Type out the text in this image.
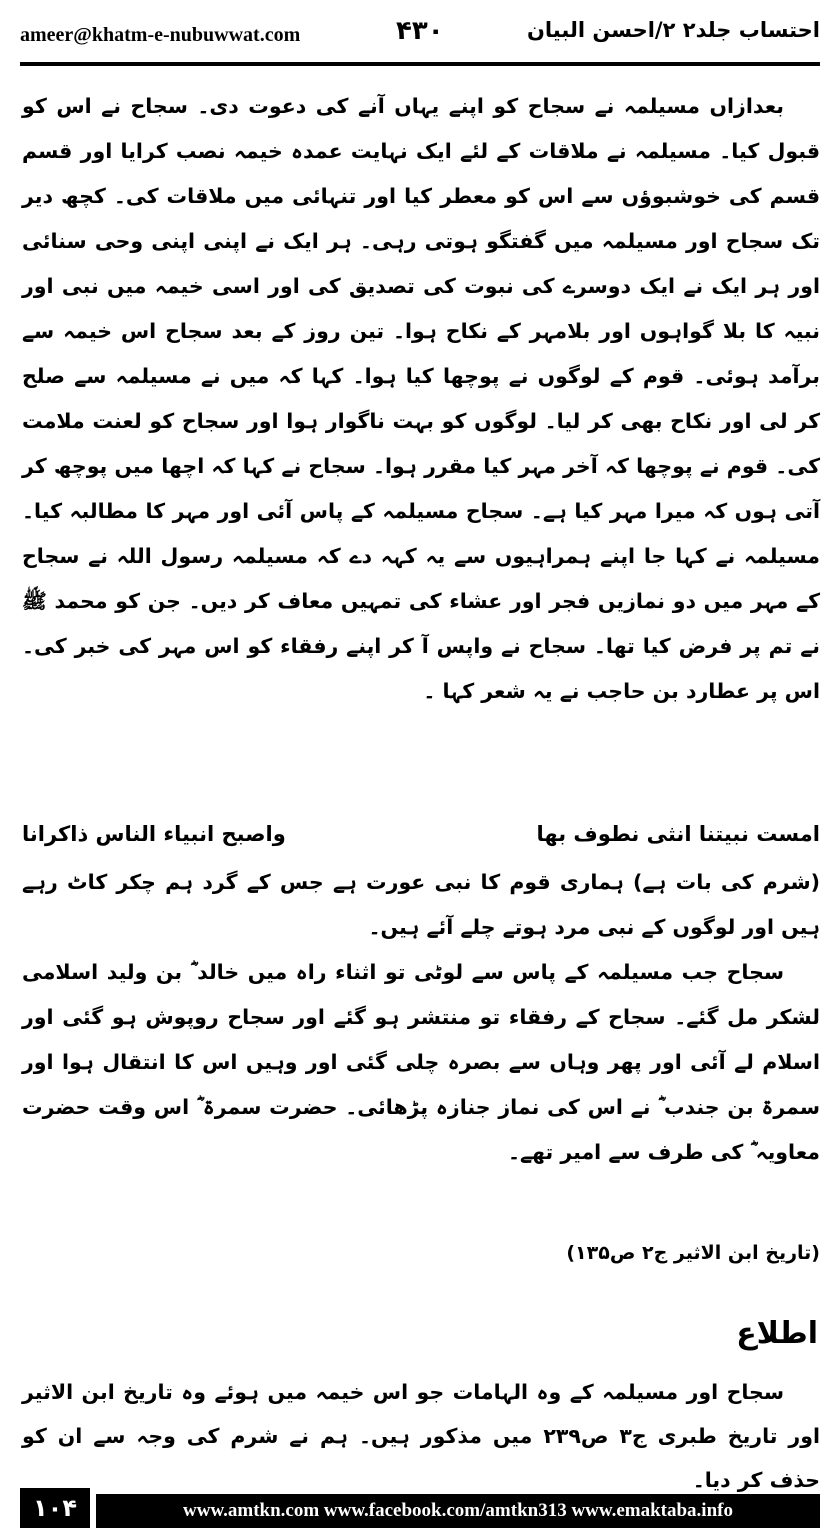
ameer@khatm-e-nubuwwat.com	۴۳۰	احتساب جلد۲ ۲/احسن البیان

بعدازاں مسیلمہ نے سجاح کو اپنے یہاں آنے کی دعوت دی۔ سجاح نے اس کو قبول کیا۔ مسیلمہ نے ملاقات کے لئے ایک نہایت عمدہ خیمہ نصب کرایا اور قسم قسم کی خوشبوؤں سے اس کو معطر کیا اور تنہائی میں ملاقات کی۔ کچھ دیر تک سجاح اور مسیلمہ میں گفتگو ہوتی رہی۔ ہر ایک نے اپنی اپنی وحی سنائی اور ہر ایک نے ایک دوسرے کی نبوت کی تصدیق کی اور اسی خیمہ میں نبی اور نبیہ کا بلا گواہوں اور بلامہر کے نکاح ہوا۔ تین روز کے بعد سجاح اس خیمہ سے برآمد ہوئی۔ قوم کے لوگوں نے پوچھا کیا ہوا۔ کہا کہ میں نے مسیلمہ سے صلح کر لی اور نکاح بھی کر لیا۔ لوگوں کو بہت ناگوار ہوا اور سجاح کو لعنت ملامت کی۔ قوم نے پوچھا کہ آخر مہر کیا مقرر ہوا۔ سجاح نے کہا کہ اچھا میں پوچھ کر آتی ہوں کہ میرا مہر کیا ہے۔ سجاح مسیلمہ کے پاس آئی اور مہر کا مطالبہ کیا۔ مسیلمہ نے کہا جا اپنے ہمراہیوں سے یہ کہہ دے کہ مسیلمہ رسول اللہ نے سجاح کے مہر میں دو نمازیں فجر اور عشاء کی تمہیں معاف کر دیں۔ جن کو محمد ﷺ نے تم پر فرض کیا تھا۔ سجاح نے واپس آ کر اپنے رفقاء کو اس مہر کی خبر کی۔ اس پر عطارد بن حاجب نے یہ شعر کہا ۔

امست نبیتنا انثی نطوف بھا
واصبح انبیاء الناس ذاکرانا

(شرم کی بات ہے) ہماری قوم کا نبی عورت ہے جس کے گرد ہم چکر کاٹ رہے ہیں اور لوگوں کے نبی مرد ہوتے چلے آئے ہیں۔

سجاح جب مسیلمہ کے پاس سے لوٹی تو اثناء راہ میں خالد ؓ بن ولید اسلامی لشکر مل گئے۔ سجاح کے رفقاء تو منتشر ہو گئے اور سجاح روپوش ہو گئی اور اسلام لے آئی اور پھر وہاں سے بصرہ چلی گئی اور وہیں اس کا انتقال ہوا اور سمرۃ بن جندب ؓ نے اس کی نماز جنازہ پڑھائی۔ حضرت سمرۃ ؓ اس وقت حضرت معاویہ ؓ کی طرف سے امیر تھے۔

(تاریخ ابن الاثیر ج۲ ص۱۳۵)
اطلاع

سجاح اور مسیلمہ کے وہ الہامات جو اس خیمہ میں ہوئے وہ تاریخ ابن الاثیر اور تاریخ طبری ج۳ ص۲۳۹ میں مذکور ہیں۔ ہم نے شرم کی وجہ سے ان کو حذف کر دیا۔

۱۰۴	www.amtkn.com www.facebook.com/amtkn313 www.emaktaba.info
